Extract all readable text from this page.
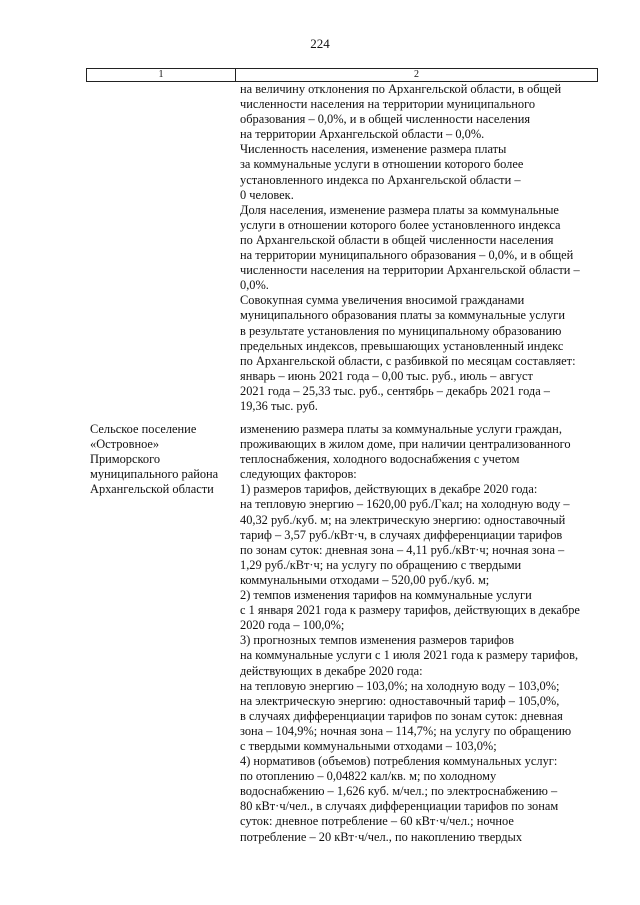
224
1	2
на величину отклонения по Архангельской области, в общей
численности населения на территории муниципального
образования – 0,0%, и в общей численности населения
на территории Архангельской области – 0,0%.
Численность населения, изменение размера платы
за коммунальные услуги в отношении которого более
установленного индекса по Архангельской области –
0 человек.
Доля населения, изменение размера платы за коммунальные
услуги в отношении которого более установленного индекса
по Архангельской области в общей численности населения
на территории муниципального образования – 0,0%, и в общей
численности населения на территории Архангельской области –
0,0%.
Совокупная сумма увеличения вносимой гражданами
муниципального образования платы за коммунальные услуги
в результате установления по муниципальному образованию
предельных индексов, превышающих установленный индекс
по Архангельской области, с разбивкой по месяцам составляет:
январь – июнь 2021 года – 0,00 тыс. руб., июль – август
2021 года – 25,33 тыс. руб., сентябрь – декабрь 2021 года –
19,36 тыс. руб.
Сельское поселение
«Островное»
Приморского
муниципального района
Архангельской области
изменению размера платы за коммунальные услуги граждан,
проживающих в жилом доме, при наличии централизованного
теплоснабжения, холодного водоснабжения с учетом
следующих факторов:
1) размеров тарифов, действующих в декабре 2020 года:
на тепловую энергию – 1620,00 руб./Гкал; на холодную воду –
40,32 руб./куб. м; на электрическую энергию: одноставочный
тариф – 3,57 руб./кВт·ч, в случаях дифференциации тарифов
по зонам суток: дневная зона – 4,11 руб./кВт·ч; ночная зона –
1,29 руб./кВт·ч; на услугу по обращению с твердыми
коммунальными отходами – 520,00 руб./куб. м;
2) темпов изменения тарифов на коммунальные услуги
с 1 января 2021 года к размеру тарифов, действующих в декабре
2020 года – 100,0%;
3) прогнозных темпов изменения размеров тарифов
на коммунальные услуги с 1 июля 2021 года к размеру тарифов,
действующих в декабре 2020 года:
на тепловую энергию – 103,0%; на холодную воду – 103,0%;
на электрическую энергию: одноставочный тариф – 105,0%,
в случаях дифференциации тарифов по зонам суток: дневная
зона – 104,9%; ночная зона – 114,7%; на услугу по обращению
с твердыми коммунальными отходами – 103,0%;
4) нормативов (объемов) потребления коммунальных услуг:
по отоплению – 0,04822 кал/кв. м; по холодному
водоснабжению – 1,626 куб. м/чел.; по электроснабжению –
80 кВт·ч/чел., в случаях дифференциации тарифов по зонам
суток: дневное потребление – 60 кВт·ч/чел.; ночное
потребление – 20 кВт·ч/чел., по накоплению твердых
